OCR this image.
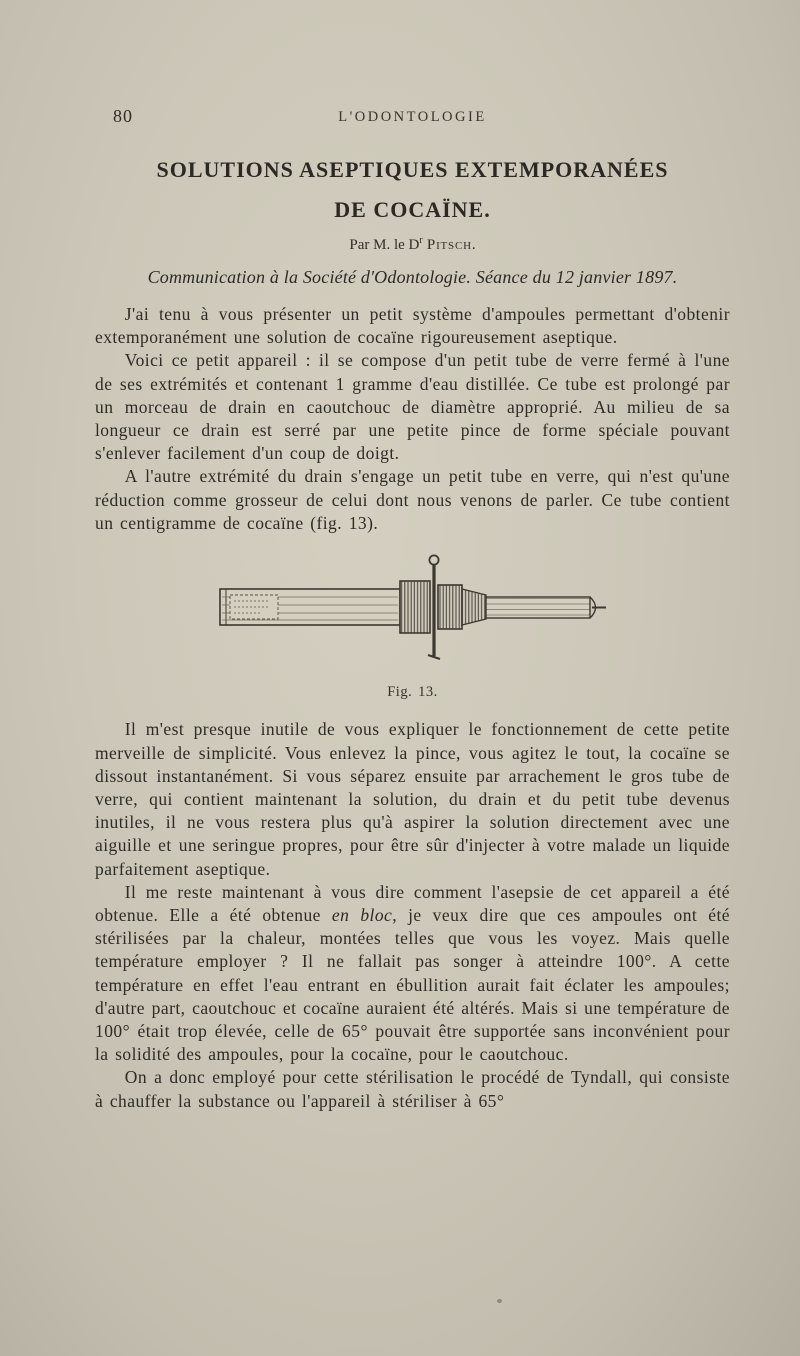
80	L'ODONTOLOGIE
SOLUTIONS ASEPTIQUES EXTEMPORANÉES
DE COCAÏNE.
Par M. le $D^r$ Pitsch.
Communication à la Société d'Odontologie. Séance du 12 janvier 1897.

J'ai tenu à vous présenter un petit système d'ampoules permettant d'obtenir extemporanément une solution de cocaïne rigoureusement aseptique.

Voici ce petit appareil : il se compose d'un petit tube de verre fermé à l'une de ses extrémités et contenant 1 gramme d'eau distillée. Ce tube est prolongé par un morceau de drain en caoutchouc de diamètre approprié. Au milieu de sa longueur ce drain est serré par une petite pince de forme spéciale pouvant s'enlever facilement d'un coup de doigt.

A l'autre extrémité du drain s'engage un petit tube en verre, qui n'est qu'une réduction comme grosseur de celui dont nous venons de parler. Ce tube contient un centigramme de cocaïne (fig. 13).

Fig. 13.

Il m'est presque inutile de vous expliquer le fonctionnement de cette petite merveille de simplicité. Vous enlevez la pince, vous agitez le tout, la cocaïne se dissout instantanément. Si vous séparez ensuite par arrachement le gros tube de verre, qui contient maintenant la solution, du drain et du petit tube devenus inutiles, il ne vous restera plus qu'à aspirer la solution directement avec une aiguille et une seringue propres, pour être sûr d'injecter à votre malade un liquide parfaitement aseptique.

Il me reste maintenant à vous dire comment l'asepsie de cet appareil a été obtenue. Elle a été obtenue en bloc, je veux dire que ces ampoules ont été stérilisées par la chaleur, montées telles que vous les voyez. Mais quelle température employer ? Il ne fallait pas songer à atteindre 100°. A cette température en effet l'eau entrant en ébullition aurait fait éclater les ampoules; d'autre part, caoutchouc et cocaïne auraient été altérés. Mais si une température de 100° était trop élevée, celle de 65° pouvait être supportée sans inconvénient pour la solidité des ampoules, pour la cocaïne, pour le caoutchouc.

On a donc employé pour cette stérilisation le procédé de Tyndall, qui consiste à chauffer la substance ou l'appareil à stériliser à 65°
